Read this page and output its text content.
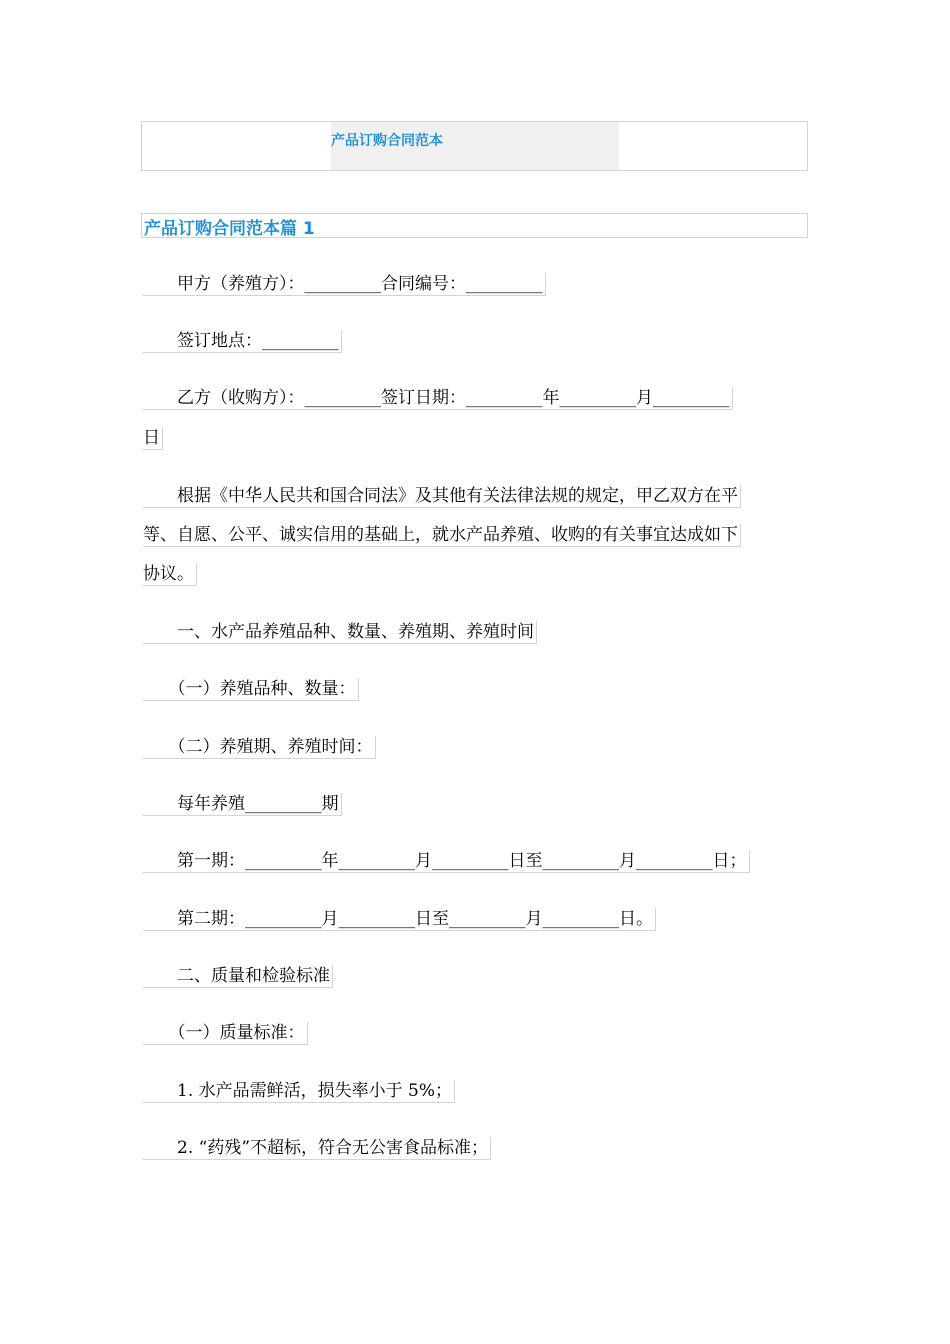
产品订购合同范本
产品订购合同范本篇 1
　　甲方（养殖方）：_________合同编号：_________
　　签订地点：_________
　　乙方（收购方）：_________签订日期：_________年_________月_________
日
　　根据《中华人民共和国合同法》及其他有关法律法规的规定，甲乙双方在平
等、自愿、公平、诚实信用的基础上，就水产品养殖、收购的有关事宜达成如下
协议。
　　一、水产品养殖品种、数量、养殖期、养殖时间
　　（一）养殖品种、数量：
　　（二）养殖期、养殖时间：
　　每年养殖_________期
　　第一期：_________年_________月_________日至_________月_________日；
　　第二期：_________月_________日至_________月_________日。
　　二、质量和检验标准
　　（一）质量标准：
　　1. 水产品需鲜活，损失率小于 5%；
　　2. “药残”不超标，符合无公害食品标准；
